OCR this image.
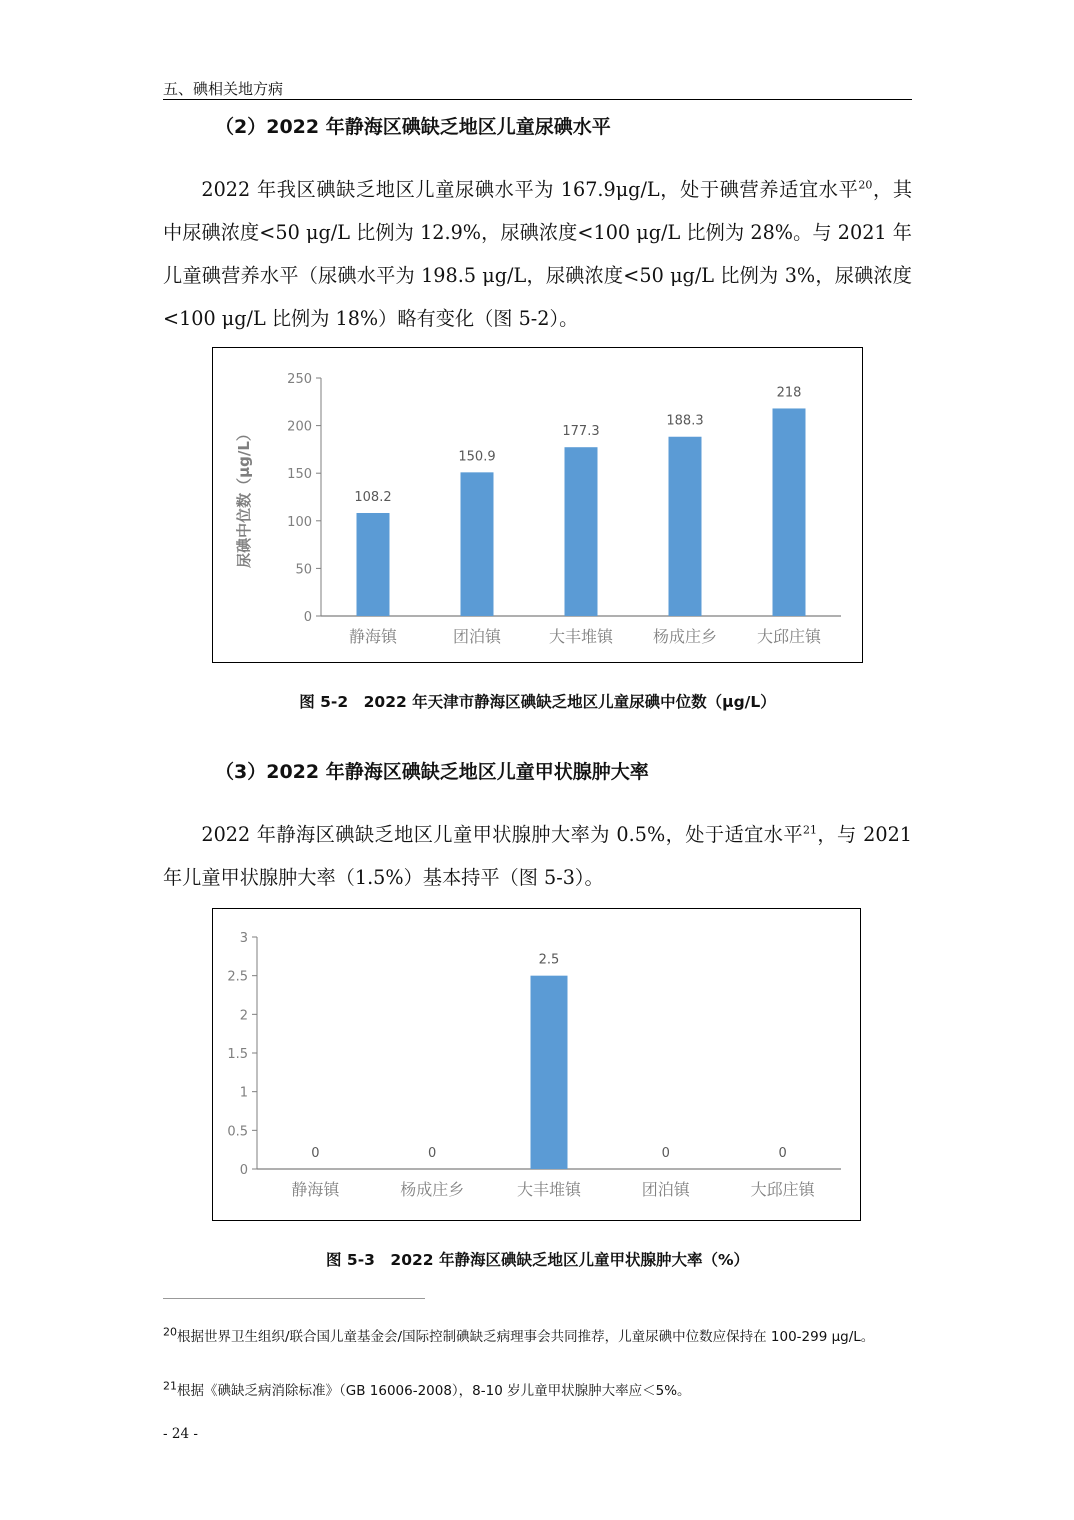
五、碘相关地方病
（2）2022 年静海区碘缺乏地区儿童尿碘水平

2022 年我区碘缺乏地区儿童尿碘水平为 167.9μg/L，处于碘营养适宜水平$^{20}$，其中尿碘浓度<50 μg/L 比例为 12.9%，尿碘浓度<100 μg/L 比例为 28%。与 2021 年儿童碘营养水平（尿碘水平为 198.5 μg/L，尿碘浓度<50 μg/L 比例为 3%，尿碘浓度<100 μg/L 比例为 18%）略有变化（图 5-2）。

0
50
100
150
200
250
108.2
静海镇
150.9
团泊镇
177.3
大丰堆镇
188.3
杨成庄乡
218
大邱庄镇
尿碘中位数（μg/L）
图 5-2　2022 年天津市静海区碘缺乏地区儿童尿碘中位数（μg/L）
（3）2022 年静海区碘缺乏地区儿童甲状腺肿大率

2022 年静海区碘缺乏地区儿童甲状腺肿大率为 0.5%，处于适宜水平$^{21}$，与 2021 年儿童甲状腺肿大率（1.5%）基本持平（图 5-3）。

0
0.5
1
1.5
2
2.5
3
0
静海镇
0
杨成庄乡
2.5
大丰堆镇
0
团泊镇
0
大邱庄镇
图 5-3　2022 年静海区碘缺乏地区儿童甲状腺肿大率（%）
$^{20}$根据世界卫生组织/联合国儿童基金会/国际控制碘缺乏病理事会共同推荐，儿童尿碘中位数应保持在 100-299 μg/L。
$^{21}$根据《碘缺乏病消除标准》（GB 16006-2008），8-10 岁儿童甲状腺肿大率应＜5%。
- 24 -
